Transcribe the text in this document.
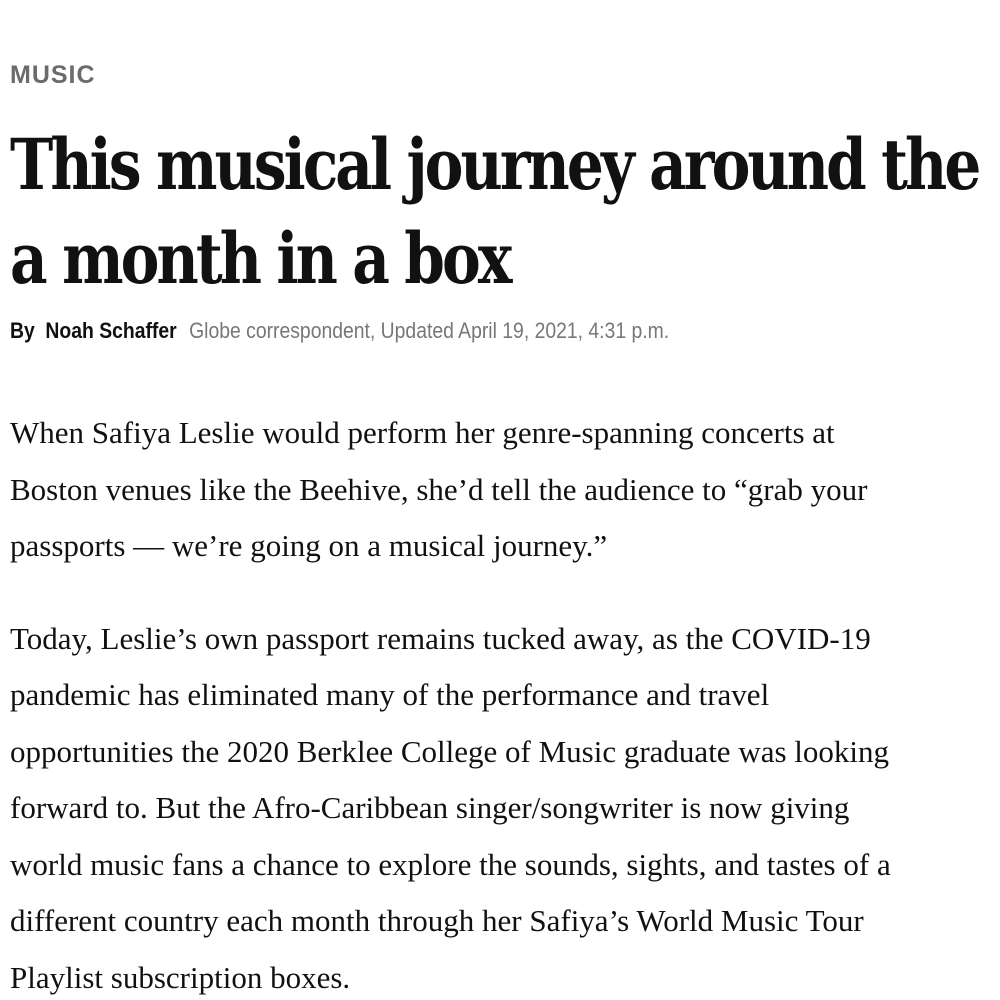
MUSIC
This musical journey around the
a month in a box
By Noah Schaffer Globe correspondent, Updated April 19, 2021, 4:31 p.m.

When Safiya Leslie would perform her genre-spanning concerts at
Boston venues like the Beehive, she’d tell the audience to “grab your
passports — we’re going on a musical journey.”

Today, Leslie’s own passport remains tucked away, as the COVID-19
pandemic has eliminated many of the performance and travel
opportunities the 2020 Berklee College of Music graduate was looking
forward to. But the Afro-Caribbean singer/songwriter is now giving
world music fans a chance to explore the sounds, sights, and tastes of a
different country each month through her Safiya’s World Music Tour
Playlist subscription boxes.
